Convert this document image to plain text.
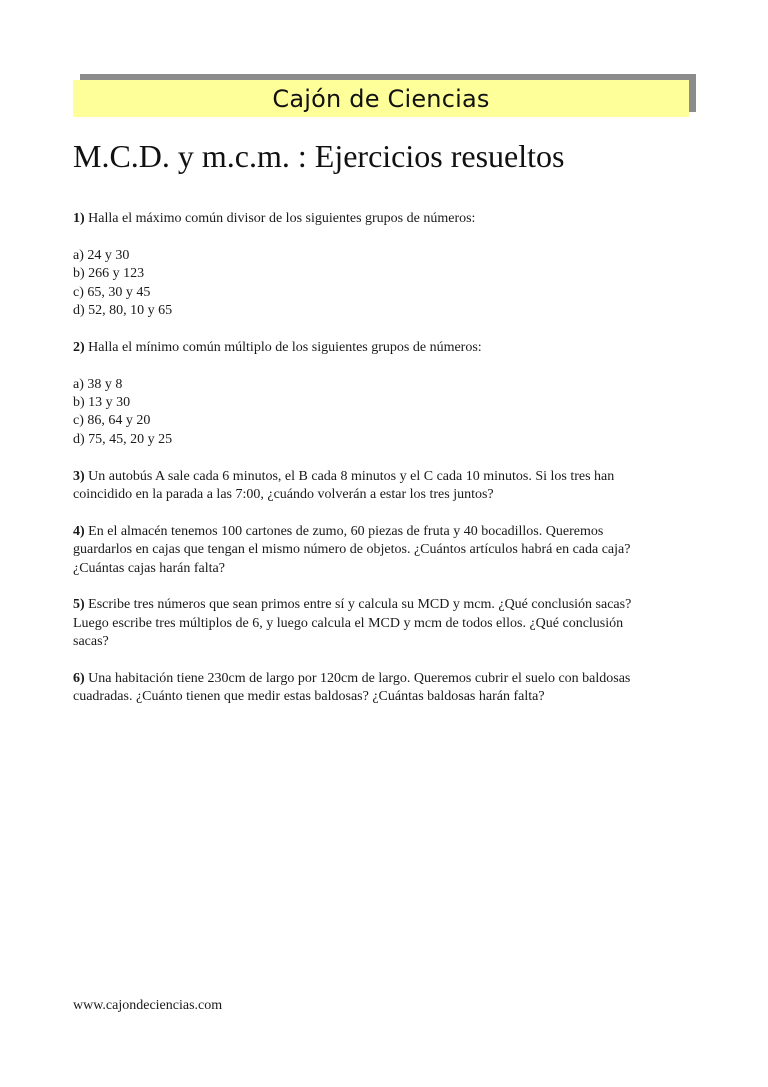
Cajón de Ciencias
M.C.D. y m.c.m. : Ejercicios resueltos

1) Halla el máximo común divisor de los siguientes grupos de números:

a) 24 y 30

b) 266 y 123

c) 65, 30 y 45

d) 52, 80, 10 y 65

2) Halla el mínimo común múltiplo de los siguientes grupos de números:

a) 38 y 8

b) 13 y 30

c) 86, 64 y 20

d) 75, 45, 20 y 25

3) Un autobús A sale cada 6 minutos, el B cada 8 minutos y el C cada 10 minutos. Si los tres han

coincidido en la parada a las 7:00, ¿cuándo volverán a estar los tres juntos?

4) En el almacén tenemos 100 cartones de zumo, 60 piezas de fruta y 40 bocadillos. Queremos

guardarlos en cajas que tengan el mismo número de objetos. ¿Cuántos artículos habrá en cada caja?

¿Cuántas cajas harán falta?

5) Escribe tres números que sean primos entre sí y calcula su MCD y mcm. ¿Qué conclusión sacas?

Luego escribe tres múltiplos de 6, y luego calcula el MCD y mcm de todos ellos. ¿Qué conclusión

sacas?

6) Una habitación tiene 230cm de largo por 120cm de largo. Queremos cubrir el suelo con baldosas

cuadradas. ¿Cuánto tienen que medir estas baldosas? ¿Cuántas baldosas harán falta?

www.cajondeciencias.com
